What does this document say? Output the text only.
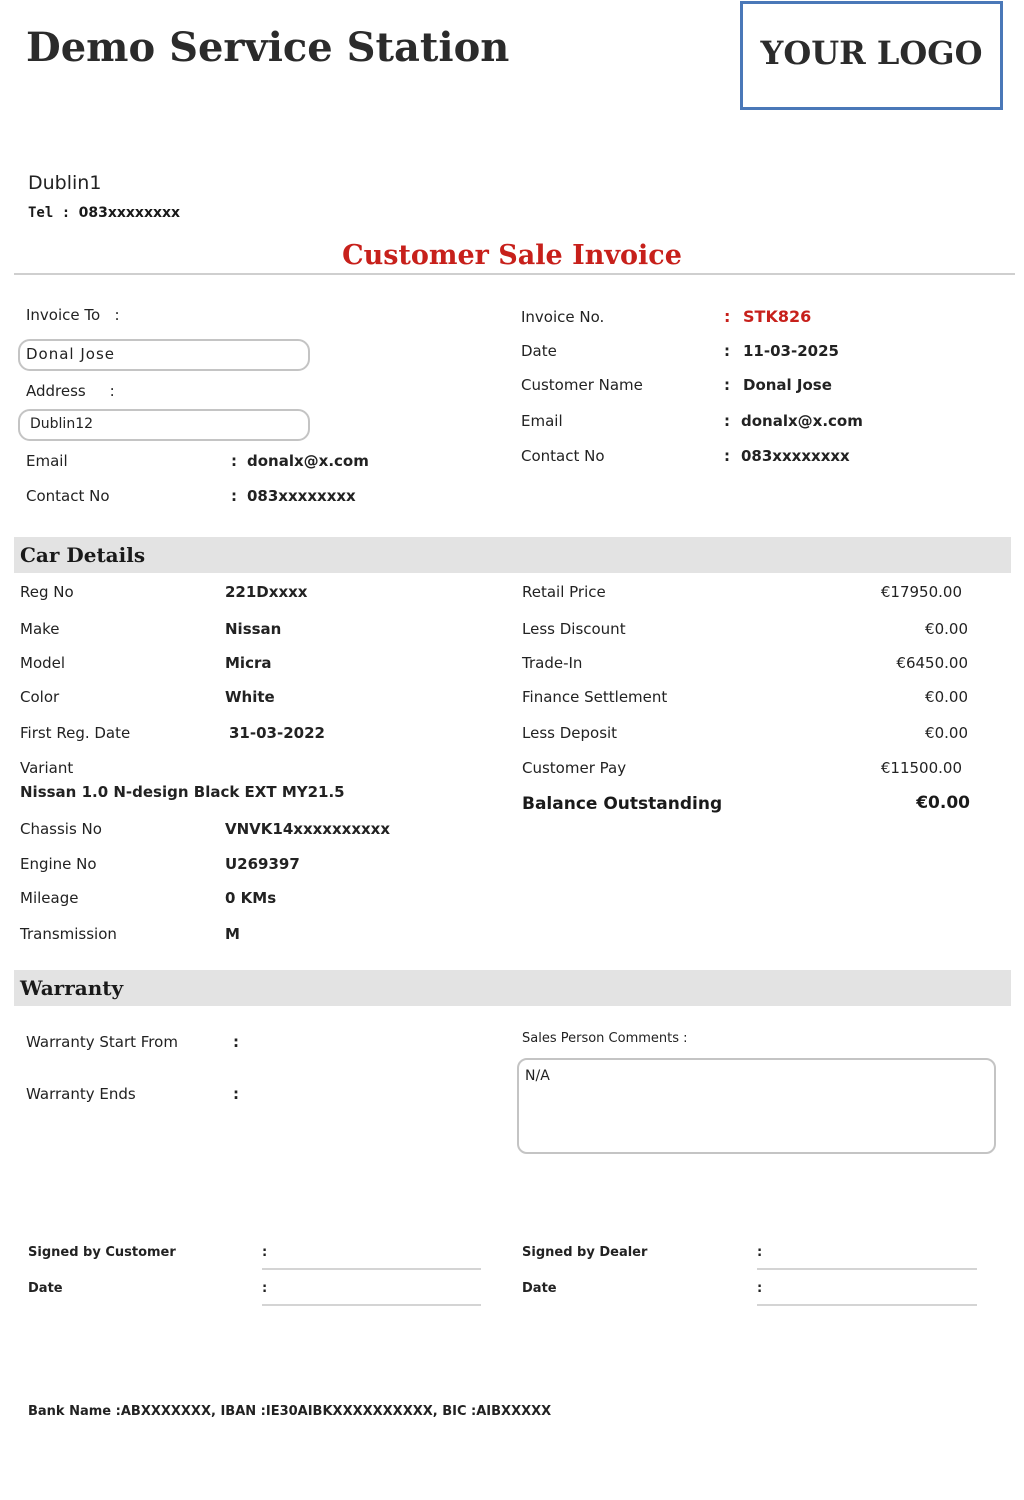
Demo Service Station	YOUR LOGO
Dublin1
Tel : 083xxxxxxxx
Customer Sale Invoice
Invoice To   :
Donal Jose
Address     :
Dublin12
Email	: donalx@x.com
Contact No	: 083xxxxxxxx
Invoice No.	: STK826
Date	: 11-03-2025
Customer Name	: Donal Jose
Email	: donalx@x.com
Contact No	: 083xxxxxxxx
Car Details
Reg No	221Dxxxx
Make	Nissan
Model	Micra
Color	White
First Reg. Date	31-03-2022
Variant
Nissan 1.0 N-design Black EXT MY21.5
Chassis No	VNVK14xxxxxxxxxx
Engine No	U269397
Mileage	0 KMs
Transmission	M
Retail Price	€17950.00
Less Discount	€0.00
Trade-In	€6450.00
Finance Settlement	€0.00
Less Deposit	€0.00
Customer Pay	€11500.00
Balance Outstanding	€0.00
Warranty
Warranty Start From	:
Warranty Ends	:
Sales Person Comments :
N/A
Signed by Customer	:
Date	:
Signed by Dealer	:
Date	:
Bank Name :ABXXXXXXX, IBAN :IE30AIBKXXXXXXXXXX, BIC :AIBXXXXX
